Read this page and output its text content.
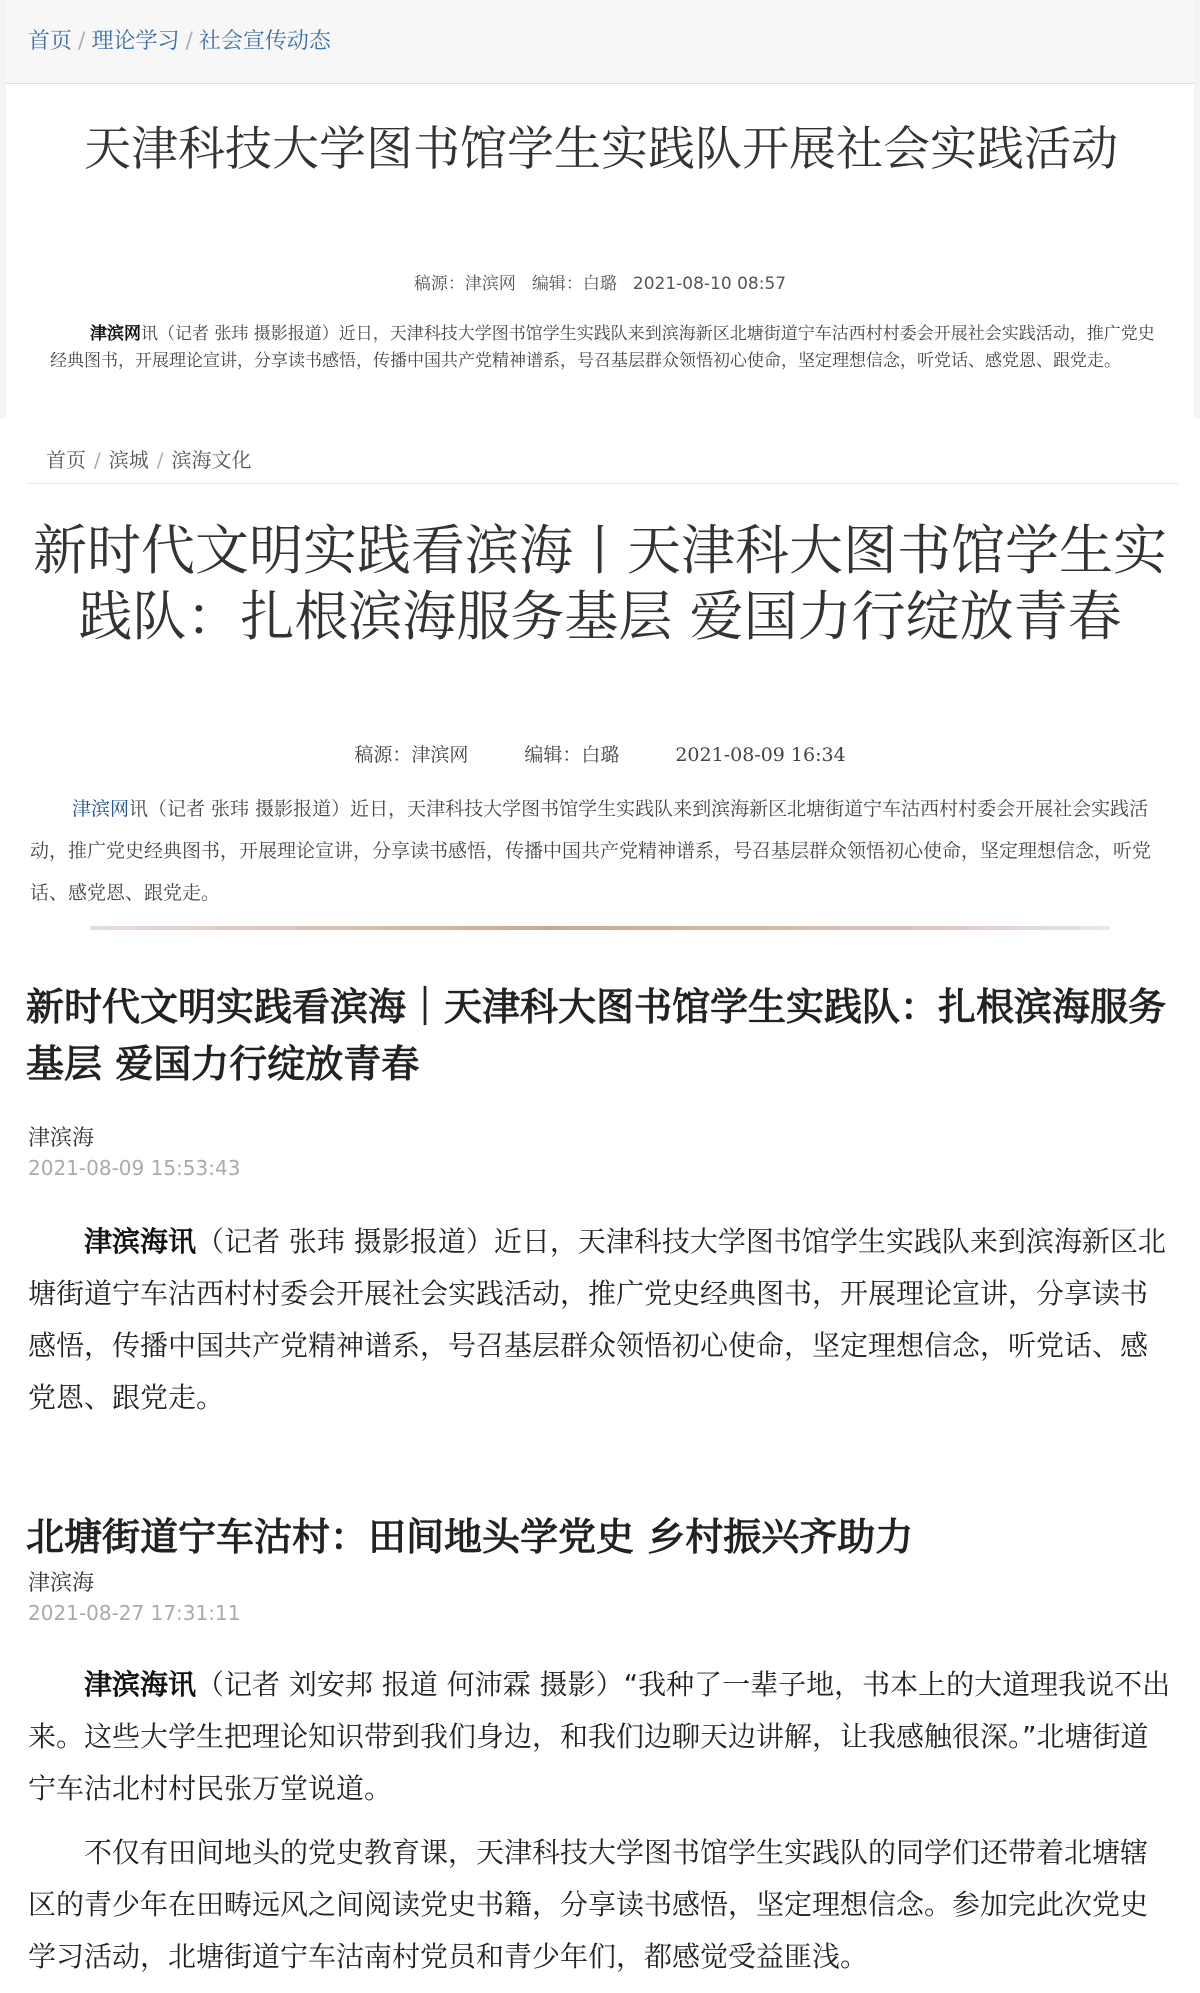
首页 / 理论学习 / 社会宣传动态
天津科技大学图书馆学生实践队开展社会实践活动
稿源：津滨网 编辑：白璐 2021-08-10 08:57

津滨网讯（记者 张玮 摄影报道）近日，天津科技大学图书馆学生实践队来到滨海新区北塘街道宁车沽西村村委会开展社会实践活动，推广党史经典图书，开展理论宣讲，分享读书感悟，传播中国共产党精神谱系，号召基层群众领悟初心使命，坚定理想信念，听党话、感党恩、跟党走。

首页 / 滨城 / 滨海文化
新时代文明实践看滨海丨天津科大图书馆学生实践队：扎根滨海服务基层 爱国力行绽放青春
稿源：津滨网	编辑：白璐	2021-08-09 16:34

津滨网讯（记者 张玮 摄影报道）近日，天津科技大学图书馆学生实践队来到滨海新区北塘街道宁车沽西村村委会开展社会实践活动，推广党史经典图书，开展理论宣讲，分享读书感悟，传播中国共产党精神谱系，号召基层群众领悟初心使命，坚定理想信念，听党话、感党恩、跟党走。

新时代文明实践看滨海｜天津科大图书馆学生实践队：扎根滨海服务基层 爱国力行绽放青春
津滨海
2021-08-09 15:53:43

津滨海讯（记者 张玮 摄影报道）近日，天津科技大学图书馆学生实践队来到滨海新区北塘街道宁车沽西村村委会开展社会实践活动，推广党史经典图书，开展理论宣讲，分享读书感悟，传播中国共产党精神谱系，号召基层群众领悟初心使命，坚定理想信念，听党话、感党恩、跟党走。

北塘街道宁车沽村：田间地头学党史 乡村振兴齐助力
津滨海
2021-08-27 17:31:11

津滨海讯（记者 刘安邦 报道 何沛霖 摄影）“我种了一辈子地，书本上的大道理我说不出来。这些大学生把理论知识带到我们身边，和我们边聊天边讲解，让我感触很深。”北塘街道宁车沽北村村民张万堂说道。

不仅有田间地头的党史教育课，天津科技大学图书馆学生实践队的同学们还带着北塘辖区的青少年在田畴远风之间阅读党史书籍，分享读书感悟，坚定理想信念。参加完此次党史学习活动，北塘街道宁车沽南村党员和青少年们，都感觉受益匪浅。
